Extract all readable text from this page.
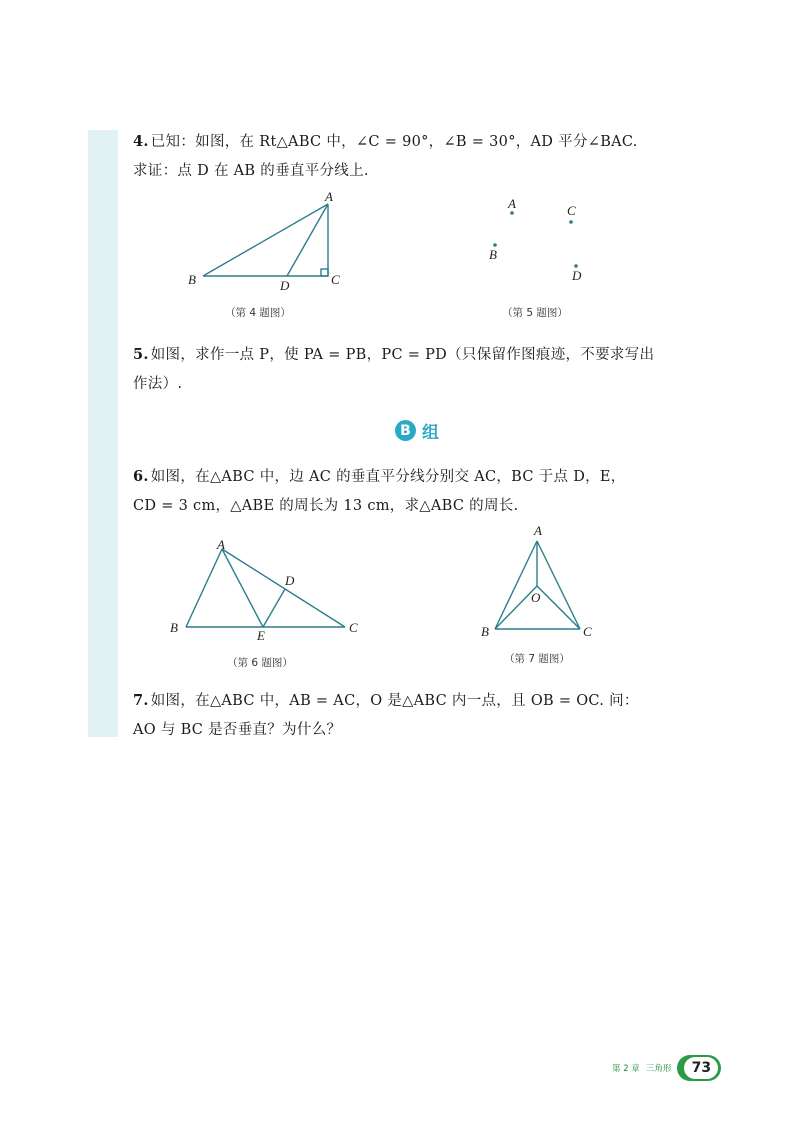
4. 已知：如图，在 Rt△ABC 中，∠C = 90°，∠B = 30°，AD 平分∠BAC.
求证：点 D 在 AB 的垂直平分线上.
A
B	C
D
（第 4 题图）
A	C
B
D
（第 5 题图）
5. 如图，求作一点 P，使 PA = PB，PC = PD（只保留作图痕迹，不要求写出
作法）.
B 组
6. 如图，在△ABC 中，边 AC 的垂直平分线分别交 AC，BC 于点 D，E，
CD = 3 cm，△ABE 的周长为 13 cm，求△ABC 的周长.
A
D
B
E
C
（第 6 题图）
A
O
B	C
（第 7 题图）
7. 如图，在△ABC 中，AB = AC，O 是△ABC 内一点，且 OB = OC. 问：
AO 与 BC 是否垂直？为什么？
第 2 章 三角形	73
